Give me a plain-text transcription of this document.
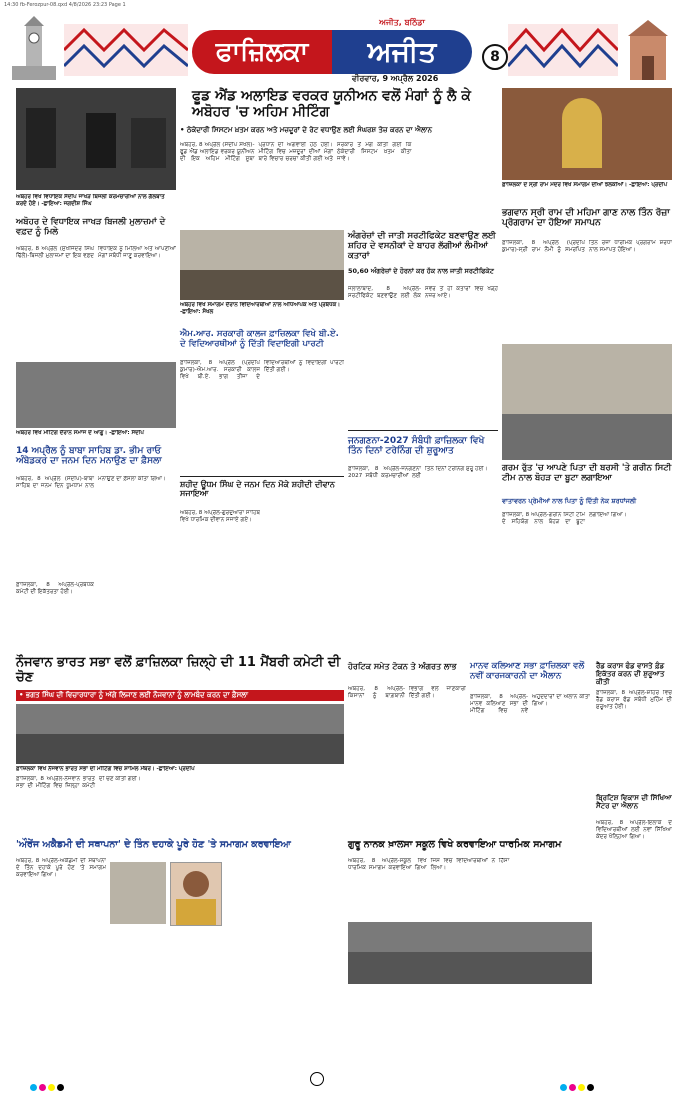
14:30 fb-Ferozpur-08.qxd 4/8/2026 23:23 Page 1
ਅਜੀਤ, ਬਠਿੰਡਾ
ਫਾਜ਼ਿਲਕਾ	ਅਜੀਤ
ਵੀਰਵਾਰ, 9 ਅਪ੍ਰੈਲ 2026
8
ਫੂਡ ਐਂਡ ਅਲਾਇਡ ਵਰਕਰ ਯੂਨੀਅਨ ਵਲੋਂ ਮੰਗਾਂ ਨੂੰ ਲੈ ਕੇ ਅਬੋਹਰ 'ਚ ਅਹਿਮ ਮੀਟਿੰਗ
• ਠੇਕੇਦਾਰੀ ਸਿਸਟਮ ਖ਼ਤਮ ਕਰਨ ਅਤੇ ਮਜ਼ਦੂਰਾਂ ਦੇ ਰੇਟ ਵਧਾਉਣ ਲਈ ਸੰਘਰਸ਼ ਤੇਜ਼ ਕਰਨ ਦਾ ਐਲਾਨ
ਅਬੋਹਰ, 8 ਅਪ੍ਰੈਲ (ਸੰਦੀਪ ਸੋਖਲ)-ਫੂਡ ਐਂਡ ਅਲਾਇਡ ਵਰਕਰ ਯੂਨੀਅਨ ਦੀ ਇਕ ਅਹਿਮ ਮੀਟਿੰਗ ਸੂਬਾ ਪ੍ਰਧਾਨ ਦੀ ਅਗਵਾਈ ਹੇਠ ਹੋਈ। ਮੀਟਿੰਗ ਵਿਚ ਮਜ਼ਦੂਰਾਂ ਦੀਆਂ ਮੰਗਾਂ ਬਾਰੇ ਵਿਚਾਰ ਚਰਚਾ ਕੀਤੀ ਗਈ ਅਤੇ ਸਰਕਾਰ ਤੋਂ ਮੰਗ ਕੀਤੀ ਗਈ ਕਿ ਠੇਕੇਦਾਰੀ ਸਿਸਟਮ ਖ਼ਤਮ ਕੀਤਾ ਜਾਵੇ।
ਅਬੋਹਰ ਵਿਖੇ ਵਿਧਾਇਕ ਸੰਦੀਪ ਜਾਖੜ ਬਿਜਲੀ ਕਰਮਚਾਰੀਆਂ ਨਾਲ ਗੱਲਬਾਤ ਕਰਦੇ ਹੋਏ। -ਛਾਇਆ: ਜਗਦੀਸ਼ ਸਿੰਘ
ਅਬੋਹਰ ਦੇ ਵਿਧਾਇਕ ਜਾਖੜ ਬਿਜਲੀ ਮੁਲਾਜ਼ਮਾਂ ਦੇ ਵਫ਼ਦ ਨੂੰ ਮਿਲੇ
ਅਬੋਹਰ, 8 ਅਪ੍ਰੈਲ (ਸੁਖਜਿੰਦਰ ਸਿੰਘ ਢਿੱਲੋਂ)-ਬਿਜਲੀ ਮੁਲਾਜ਼ਮਾਂ ਦਾ ਇਕ ਵਫ਼ਦ ਵਿਧਾਇਕ ਨੂੰ ਮਿਲਿਆ ਅਤੇ ਆਪਣੀਆਂ ਮੰਗਾਂ ਸਬੰਧੀ ਜਾਣੂ ਕਰਵਾਇਆ।
ਅਬੋਹਰ ਵਿਖੇ ਸਮਾਗਮ ਦੌਰਾਨ ਵਿਦਿਆਰਥੀਆਂ ਨਾਲ ਅਧਿਆਪਕ ਅਤੇ ਪ੍ਰਬੰਧਕ। -ਛਾਇਆ: ਸੋਖਲ
ਐਮ.ਆਰ. ਸਰਕਾਰੀ ਕਾਲਜ ਫ਼ਾਜ਼ਿਲਕਾ ਵਿਖੇ ਬੀ.ਏ. ਦੇ ਵਿਦਿਆਰਥੀਆਂ ਨੂੰ ਦਿੱਤੀ ਵਿਦਾਇਗੀ ਪਾਰਟੀ
ਫ਼ਾਜ਼ਿਲਕਾ, 8 ਅਪ੍ਰੈਲ (ਪ੍ਰਦੀਪ ਕੁਮਾਰ)-ਐਮ.ਆਰ. ਸਰਕਾਰੀ ਕਾਲਜ ਵਿਖੇ ਬੀ.ਏ. ਭਾਗ ਤੀਜਾ ਦੇ ਵਿਦਿਆਰਥੀਆਂ ਨੂੰ ਵਿਦਾਇਗੀ ਪਾਰਟੀ ਦਿੱਤੀ ਗਈ।
ਅੰਗਰੇਜ਼ਾਂ ਦੀ ਜਾਤੀ ਸਰਟੀਫਿਕੇਟ ਬਣਵਾਉਣ ਲਈ ਸ਼ਹਿਰ ਦੇ ਵਸਨੀਕਾਂ ਦੇ ਬਾਹਰ ਲੱਗੀਆਂ ਲੰਮੀਆਂ ਕਤਾਰਾਂ
50,60 ਅੰਗਰੇਜ਼ਾਂ ਦੇ ਹੋਰਨਾਂ ਕਰ ਹੱਕ ਨਾਲ ਜਾਤੀ ਸਰਟੀਫਿਕੇਟ
ਜਲਾਲਾਬਾਦ, 8 ਅਪ੍ਰੈਲ-ਸਰਟੀਫਿਕੇਟ ਬਣਵਾਉਣ ਲਈ ਲੋਕ ਸਵੇਰ ਤੋਂ ਹੀ ਕਤਾਰਾਂ ਵਿਚ ਖੜ੍ਹੇ ਨਜ਼ਰ ਆਏ।
ਫ਼ਾਜ਼ਿਲਕਾ ਦੇ ਸ੍ਰੀ ਰਾਮ ਮੰਦਰ ਵਿਖੇ ਸਮਾਗਮ ਦੀਆਂ ਝਲਕੀਆਂ। -ਛਾਇਆ: ਪ੍ਰਦੀਪ
ਭਗਵਾਨ ਸ੍ਰੀ ਰਾਮ ਦੀ ਮਹਿਮਾ ਗਾਣ ਨਾਲ ਤਿੰਨ ਰੋਜ਼ਾ ਪ੍ਰੋਗਰਾਮ ਦਾ ਹੋਇਆ ਸਮਾਪਨ
ਫ਼ਾਜ਼ਿਲਕਾ, 8 ਅਪ੍ਰੈਲ (ਪ੍ਰਦੀਪ ਕੁਮਾਰ)-ਸ੍ਰੀ ਰਾਮ ਨੌਮੀ ਨੂੰ ਸਮਰਪਿਤ ਤਿੰਨ ਰੋਜ਼ਾ ਧਾਰਮਿਕ ਪ੍ਰੋਗਰਾਮ ਸ਼ਰਧਾ ਨਾਲ ਸਮਾਪਤ ਹੋਇਆ।
ਅਬੋਹਰ ਵਿਖੇ ਮੀਟਿੰਗ ਦੌਰਾਨ ਸਮਾਜ ਦੇ ਆਗੂ। -ਛਾਇਆ: ਸੰਦੀਪ
14 ਅਪ੍ਰੈਲ ਨੂੰ ਬਾਬਾ ਸਾਹਿਬ ਡਾ. ਭੀਮ ਰਾਓ ਅੰਬੇਡਕਰ ਦਾ ਜਨਮ ਦਿਨ ਮਨਾਉਣ ਦਾ ਫ਼ੈਸਲਾ
ਅਬੋਹਰ, 8 ਅਪ੍ਰੈਲ (ਸੰਦੀਪ)-ਬਾਬਾ ਸਾਹਿਬ ਦਾ ਜਨਮ ਦਿਨ ਧੂਮਧਾਮ ਨਾਲ ਮਨਾਉਣ ਦਾ ਫ਼ੈਸਲਾ ਕੀਤਾ ਗਿਆ।
ਸ਼ਹੀਦ ਊਧਮ ਸਿੰਘ ਦੇ ਜਨਮ ਦਿਨ ਮੌਕੇ ਸ਼ਹੀਦੀ ਦੀਵਾਨ ਸਜਾਇਆ
ਅਬੋਹਰ, 8 ਅਪ੍ਰੈਲ-ਗੁਰਦੁਆਰਾ ਸਾਹਿਬ ਵਿਖੇ ਧਾਰਮਿਕ ਦੀਵਾਨ ਸਜਾਏ ਗਏ।
ਜਨਗਣਨਾ-2027 ਸੰਬੰਧੀ ਫ਼ਾਜ਼ਿਲਕਾ ਵਿਖੇ ਤਿੰਨ ਦਿਨਾਂ ਟਰੇਨਿੰਗ ਦੀ ਸ਼ੁਰੂਆਤ
ਫ਼ਾਜ਼ਿਲਕਾ, 8 ਅਪ੍ਰੈਲ-ਜਨਗਣਨਾ 2027 ਸਬੰਧੀ ਕਰਮਚਾਰੀਆਂ ਲਈ ਤਿੰਨ ਦਿਨਾਂ ਟਰੇਨਿੰਗ ਸ਼ੁਰੂ ਹੋਈ।	ਗਰਮ ਰੁੱਤ 'ਚ ਆਪਣੇ ਪਿਤਾ ਦੀ ਬਰਸੀ 'ਤੇ ਗਰੀਨ ਸਿਟੀ ਟੀਮ ਨਾਲ ਬੋਹੜ ਦਾ ਬੂਟਾ ਲਗਾਇਆ
ਵਾਤਾਵਰਨ ਪ੍ਰੇਮੀਆਂ ਨਾਲ ਪਿਤਾ ਨੂੰ ਦਿੱਤੀ ਨੇਕ ਸ਼ਰਧਾਂਜਲੀ
ਫ਼ਾਜ਼ਿਲਕਾ, 8 ਅਪ੍ਰੈਲ-ਗਰੀਨ ਸਿਟੀ ਟੀਮ ਦੇ ਸਹਿਯੋਗ ਨਾਲ ਬੋਹੜ ਦਾ ਬੂਟਾ ਲਗਾਇਆ ਗਿਆ।
ਫ਼ਾਜ਼ਿਲਕਾ, 8 ਅਪ੍ਰੈਲ-ਪ੍ਰਬੰਧਕ ਕਮੇਟੀ ਦੀ ਇਕੱਤਰਤਾ ਹੋਈ।
ਨੌਜਵਾਨ ਭਾਰਤ ਸਭਾ ਵਲੋਂ ਫ਼ਾਜ਼ਿਲਕਾ ਜ਼ਿਲ੍ਹੇ ਦੀ 11 ਮੈਂਬਰੀ ਕਮੇਟੀ ਦੀ ਚੋਣ
• ਭਗਤ ਸਿੰਘ ਦੀ ਵਿਚਾਰਧਾਰਾ ਨੂੰ ਅੱਗੇ ਲਿਜਾਣ ਲਈ ਨੌਜਵਾਨਾਂ ਨੂੰ ਲਾਮਬੰਦ ਕਰਨ ਦਾ ਫ਼ੈਸਲਾ
ਫ਼ਾਜ਼ਿਲਕਾ ਵਿਖੇ ਨੌਜਵਾਨ ਭਾਰਤ ਸਭਾ ਦੀ ਮੀਟਿੰਗ ਵਿਚ ਸ਼ਾਮਿਲ ਮੈਂਬਰ। -ਛਾਇਆ: ਪ੍ਰਦੀਪ
ਫ਼ਾਜ਼ਿਲਕਾ, 8 ਅਪ੍ਰੈਲ-ਨੌਜਵਾਨ ਭਾਰਤ ਸਭਾ ਦੀ ਮੀਟਿੰਗ ਵਿਚ ਜ਼ਿਲ੍ਹਾ ਕਮੇਟੀ ਦੀ ਚੋਣ ਕੀਤੀ ਗਈ।
ਹੋਰਟਿਕ ਸਮੇਤ ਟੋਕਨ ਤੇ ਅੰਗਰਤ ਲਾਭ
ਅਬੋਹਰ, 8 ਅਪ੍ਰੈਲ-ਕਿਸਾਨਾਂ ਨੂੰ ਬਾਗ਼ਬਾਨੀ ਵਿਭਾਗ ਵਲੋਂ ਜਾਣਕਾਰੀ ਦਿੱਤੀ ਗਈ।
ਮਾਨਵ ਕਲਿਆਣ ਸਭਾ ਫ਼ਾਜ਼ਿਲਕਾ ਵਲੋਂ ਨਵੀਂ ਕਾਰਜਕਾਰਨੀ ਦਾ ਐਲਾਨ
ਫ਼ਾਜ਼ਿਲਕਾ, 8 ਅਪ੍ਰੈਲ-ਮਾਨਵ ਕਲਿਆਣ ਸਭਾ ਦੀ ਮੀਟਿੰਗ ਵਿਚ ਨਵੇਂ ਅਹੁਦੇਦਾਰਾਂ ਦਾ ਐਲਾਨ ਕੀਤਾ ਗਿਆ।
ਰੈੱਡ ਕਰਾਸ ਫੰਡ ਵਾਸਤੇ ਫ਼ੰਡ ਇਕੱਤਰ ਕਰਨ ਦੀ ਸ਼ੁਰੂਆਤ ਕੀਤੀ
ਫ਼ਾਜ਼ਿਲਕਾ, 8 ਅਪ੍ਰੈਲ-ਸ਼ਹਿਰ ਵਿਚ ਰੈੱਡ ਕਰਾਸ ਫੰਡ ਸਬੰਧੀ ਮੁਹਿੰਮ ਦੀ ਸ਼ੁਰੂਆਤ ਹੋਈ।
ਬ੍ਰਿਟਿਸ਼ ਵਿਕਾਸ ਦੀ ਸਿੱਖਿਆ ਸੈਂਟਰ ਦਾ ਐਲਾਨ
ਅਬੋਹਰ, 8 ਅਪ੍ਰੈਲ-ਇਲਾਕੇ ਦੇ ਵਿਦਿਆਰਥੀਆਂ ਲਈ ਨਵਾਂ ਸਿੱਖਿਆ ਕੇਂਦਰ ਖੋਲ੍ਹਿਆ ਗਿਆ।
'ਔਰੇਂਜ ਅਕੈਡਮੀ ਦੀ ਸਥਾਪਨਾ' ਦੇ ਤਿੰਨ ਦਹਾਕੇ ਪੂਰੇ ਹੋਣ 'ਤੇ ਸਮਾਗਮ ਕਰਵਾਇਆ
ਅਬੋਹਰ, 8 ਅਪ੍ਰੈਲ-ਅਕੈਡਮੀ ਦੀ ਸਥਾਪਨਾ ਦੇ ਤਿੰਨ ਦਹਾਕੇ ਪੂਰੇ ਹੋਣ 'ਤੇ ਸਮਾਗਮ ਕਰਵਾਇਆ ਗਿਆ।
ਗੁਰੂ ਨਾਨਕ ਖ਼ਾਲਸਾ ਸਕੂਲ ਵਿਖੇ ਕਰਵਾਇਆ ਧਾਰਮਿਕ ਸਮਾਗਮ
ਅਬੋਹਰ, 8 ਅਪ੍ਰੈਲ-ਸਕੂਲ ਵਿਖੇ ਧਾਰਮਿਕ ਸਮਾਗਮ ਕਰਵਾਇਆ ਗਿਆ ਜਿਸ ਵਿਚ ਵਿਦਿਆਰਥੀਆਂ ਨੇ ਹਿੱਸਾ ਲਿਆ।
